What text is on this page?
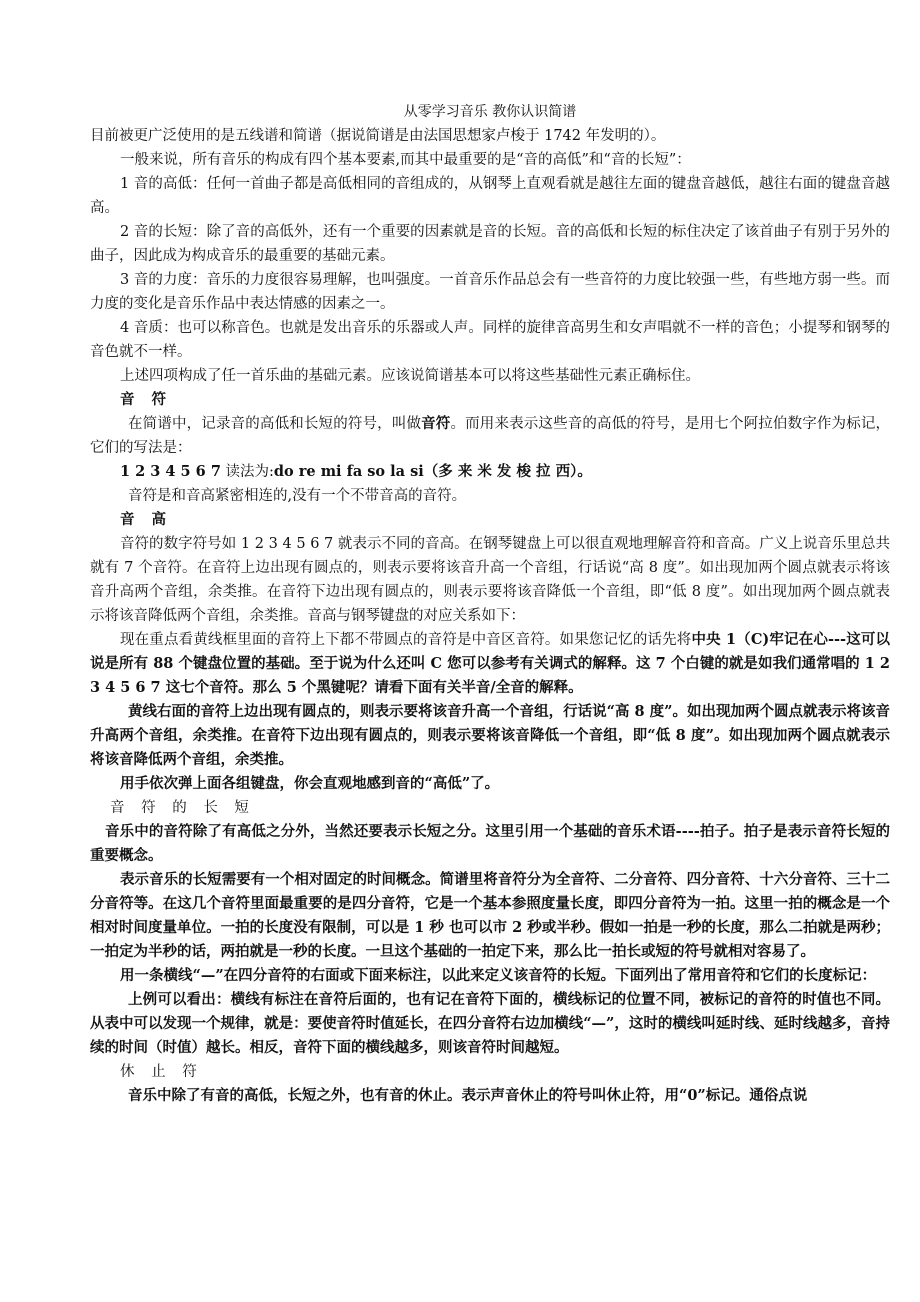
从零学习音乐 教你认识简谱

目前被更广泛使用的是五线谱和简谱（据说简谱是由法国思想家卢梭于 1742 年发明的）。

一般来说，所有音乐的构成有四个基本要素,而其中最重要的是“音的高低”和“音的长短”：

1 音的高低：任何一首曲子都是高低相同的音组成的，从钢琴上直观看就是越往左面的键盘音越低，越往右面的键盘音越高。

2 音的长短：除了音的高低外，还有一个重要的因素就是音的长短。音的高低和长短的标住决定了该首曲子有别于另外的曲子，因此成为构成音乐的最重要的基础元素。

3 音的力度：音乐的力度很容易理解，也叫强度。一首音乐作品总会有一些音符的力度比较强一些，有些地方弱一些。而力度的变化是音乐作品中表达情感的因素之一。

4 音质：也可以称音色。也就是发出音乐的乐器或人声。同样的旋律音高男生和女声唱就不一样的音色；小提琴和钢琴的音色就不一样。

上述四项构成了任一首乐曲的基础元素。应该说简谱基本可以将这些基础性元素正确标住。

音 符

在简谱中，记录音的高低和长短的符号，叫做音符。而用来表示这些音的高低的符号，是用七个阿拉伯数字作为标记，它们的写法是：

1 2 3 4 5 6 7 读法为:do re mi fa so la si（多 来 米 发 梭 拉 西）。

音符是和音高紧密相连的,没有一个不带音高的音符。

音 高

音符的数字符号如 1 2 3 4 5 6 7 就表示不同的音高。在钢琴键盘上可以很直观地理解音符和音高。广义上说音乐里总共就有 7 个音符。在音符上边出现有圆点的，则表示要将该音升高一个音组，行话说“高 8 度”。如出现加两个圆点就表示将该音升高两个音组，余类推。在音符下边出现有圆点的，则表示要将该音降低一个音组，即“低 8 度”。如出现加两个圆点就表示将该音降低两个音组，余类推。音高与钢琴键盘的对应关系如下：

现在重点看黄线框里面的音符上下都不带圆点的音符是中音区音符。如果您记忆的话先将中央 1（C)牢记在心---这可以说是所有 88 个键盘位置的基础。至于说为什么还叫 C 您可以参考有关调式的解释。这 7 个白键的就是如我们通常唱的 1 2 3 4 5 6 7 这七个音符。那么 5 个黑键呢？请看下面有关半音/全音的解释。

黄线右面的音符上边出现有圆点的，则表示要将该音升高一个音组，行话说“高 8 度”。如出现加两个圆点就表示将该音升高两个音组，余类推。在音符下边出现有圆点的，则表示要将该音降低一个音组，即“低 8 度”。如出现加两个圆点就表示将该音降低两个音组，余类推。

用手依次弹上面各组键盘，你会直观地感到音的“高低”了。

音 符 的 长 短

音乐中的音符除了有高低之分外，当然还要表示长短之分。这里引用一个基础的音乐术语----拍子。拍子是表示音符长短的重要概念。

表示音乐的长短需要有一个相对固定的时间概念。简谱里将音符分为全音符、二分音符、四分音符、十六分音符、三十二分音符等。在这几个音符里面最重要的是四分音符，它是一个基本参照度量长度，即四分音符为一拍。这里一拍的概念是一个相对时间度量单位。一拍的长度没有限制，可以是 1 秒 也可以市 2 秒或半秒。假如一拍是一秒的长度，那么二拍就是两秒；一拍定为半秒的话，两拍就是一秒的长度。一旦这个基础的一拍定下来，那么比一拍长或短的符号就相对容易了。

用一条横线“—”在四分音符的右面或下面来标注，以此来定义该音符的长短。下面列出了常用音符和它们的长度标记：

上例可以看出：横线有标注在音符后面的，也有记在音符下面的，横线标记的位置不同，被标记的音符的时值也不同。从表中可以发现一个规律，就是：要使音符时值延长，在四分音符右边加横线“—”，这时的横线叫延时线、延时线越多，音持续的时间（时值）越长。相反，音符下面的横线越多，则该音符时间越短。

休 止 符

音乐中除了有音的高低，长短之外，也有音的休止。表示声音休止的符号叫休止符，用“0”标记。通俗点说
